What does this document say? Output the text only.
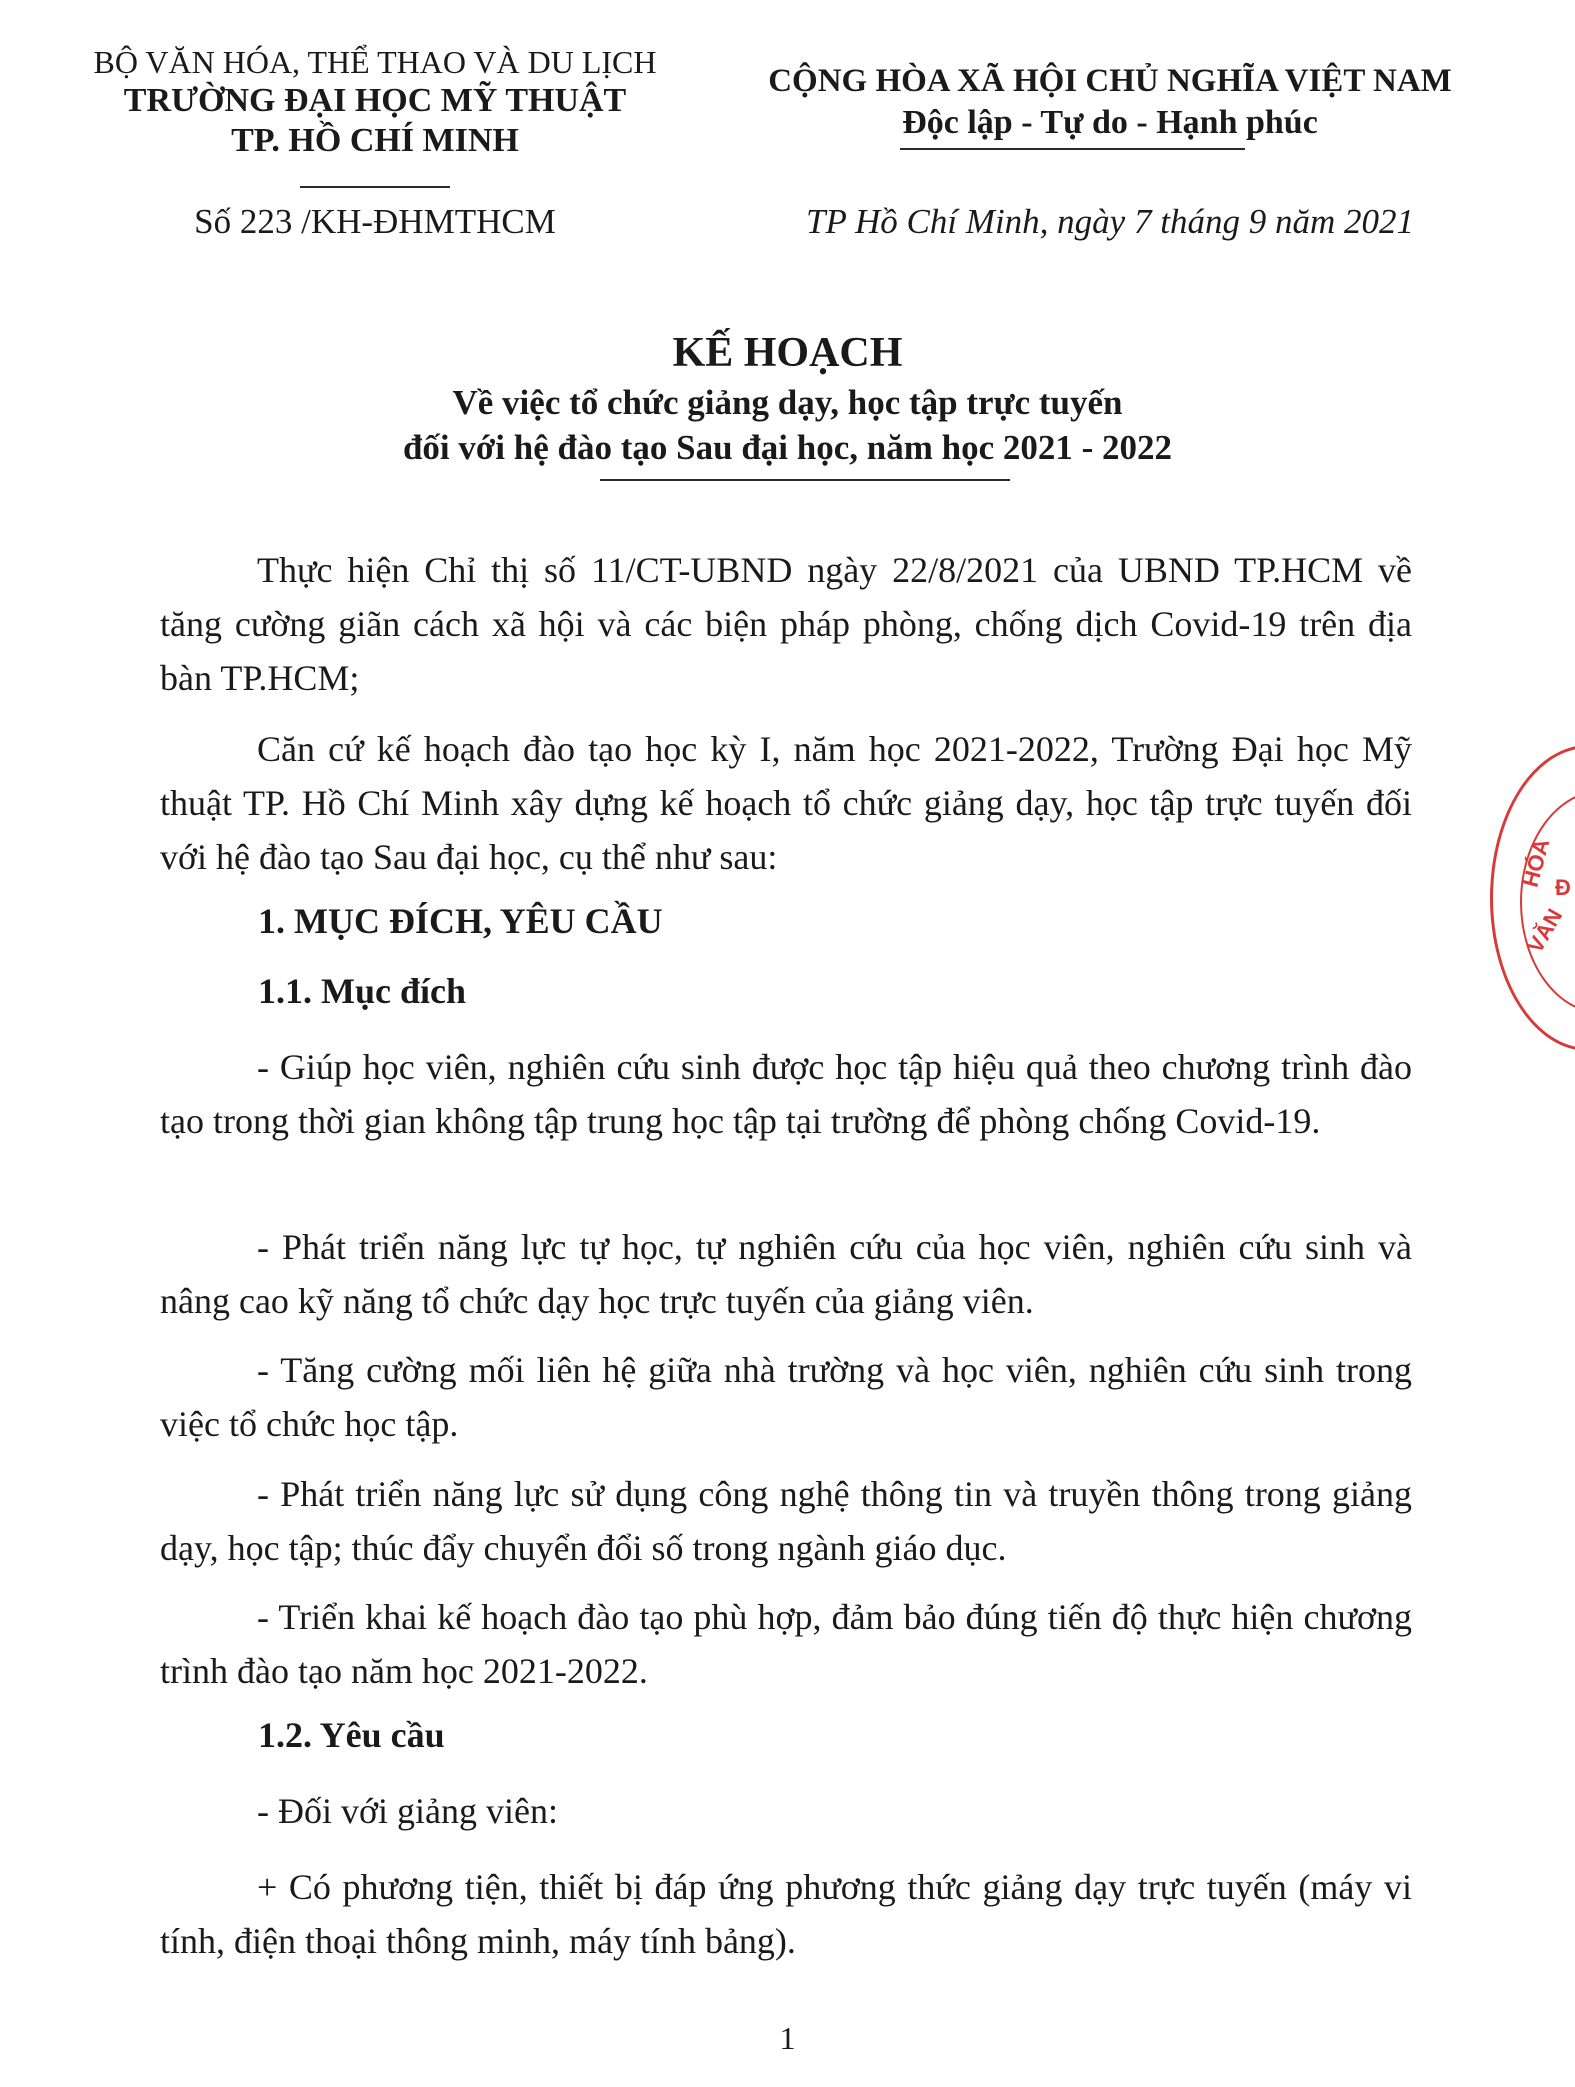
BỘ VĂN HÓA, THỂ THAO VÀ DU LỊCH
TRƯỜNG ĐẠI HỌC MỸ THUẬT
TP. HỒ CHÍ MINH
Số 223 /KH-ĐHMTHCM
CỘNG HÒA XÃ HỘI CHỦ NGHĨA VIỆT NAM
Độc lập - Tự do - Hạnh phúc
TP Hồ Chí Minh, ngày 7 tháng 9 năm 2021
KẾ HOẠCH
Về việc tổ chức giảng dạy, học tập trực tuyến
đối với hệ đào tạo Sau đại học, năm học 2021 - 2022
Thực hiện Chỉ thị số 11/CT-UBND ngày 22/8/2021 của UBND TP.HCM về tăng cường giãn cách xã hội và các biện pháp phòng, chống dịch Covid-19 trên địa bàn TP.HCM;
Căn cứ kế hoạch đào tạo học kỳ I, năm học 2021-2022, Trường Đại học Mỹ thuật TP. Hồ Chí Minh xây dựng kế hoạch tổ chức giảng dạy, học tập trực tuyến đối với hệ đào tạo Sau đại học, cụ thể như sau:
1. MỤC ĐÍCH, YÊU CẦU
1.1. Mục đích
- Giúp học viên, nghiên cứu sinh được học tập hiệu quả theo chương trình đào tạo trong thời gian không tập trung học tập tại trường để phòng chống Covid-19.
- Phát triển năng lực tự học, tự nghiên cứu của học viên, nghiên cứu sinh và nâng cao kỹ năng tổ chức dạy học trực tuyến của giảng viên.
- Tăng cường mối liên hệ giữa nhà trường và học viên, nghiên cứu sinh trong việc tổ chức học tập.
- Phát triển năng lực sử dụng công nghệ thông tin và truyền thông trong giảng dạy, học tập; thúc đẩy chuyển đổi số trong ngành giáo dục.
- Triển khai kế hoạch đào tạo phù hợp, đảm bảo đúng tiến độ thực hiện chương trình đào tạo năm học 2021-2022.
1.2. Yêu cầu
- Đối với giảng viên:
+ Có phương tiện, thiết bị đáp ứng phương thức giảng dạy trực tuyến (máy vi tính, điện thoại thông minh, máy tính bảng).
HÓA
VĂN
Đ
1
